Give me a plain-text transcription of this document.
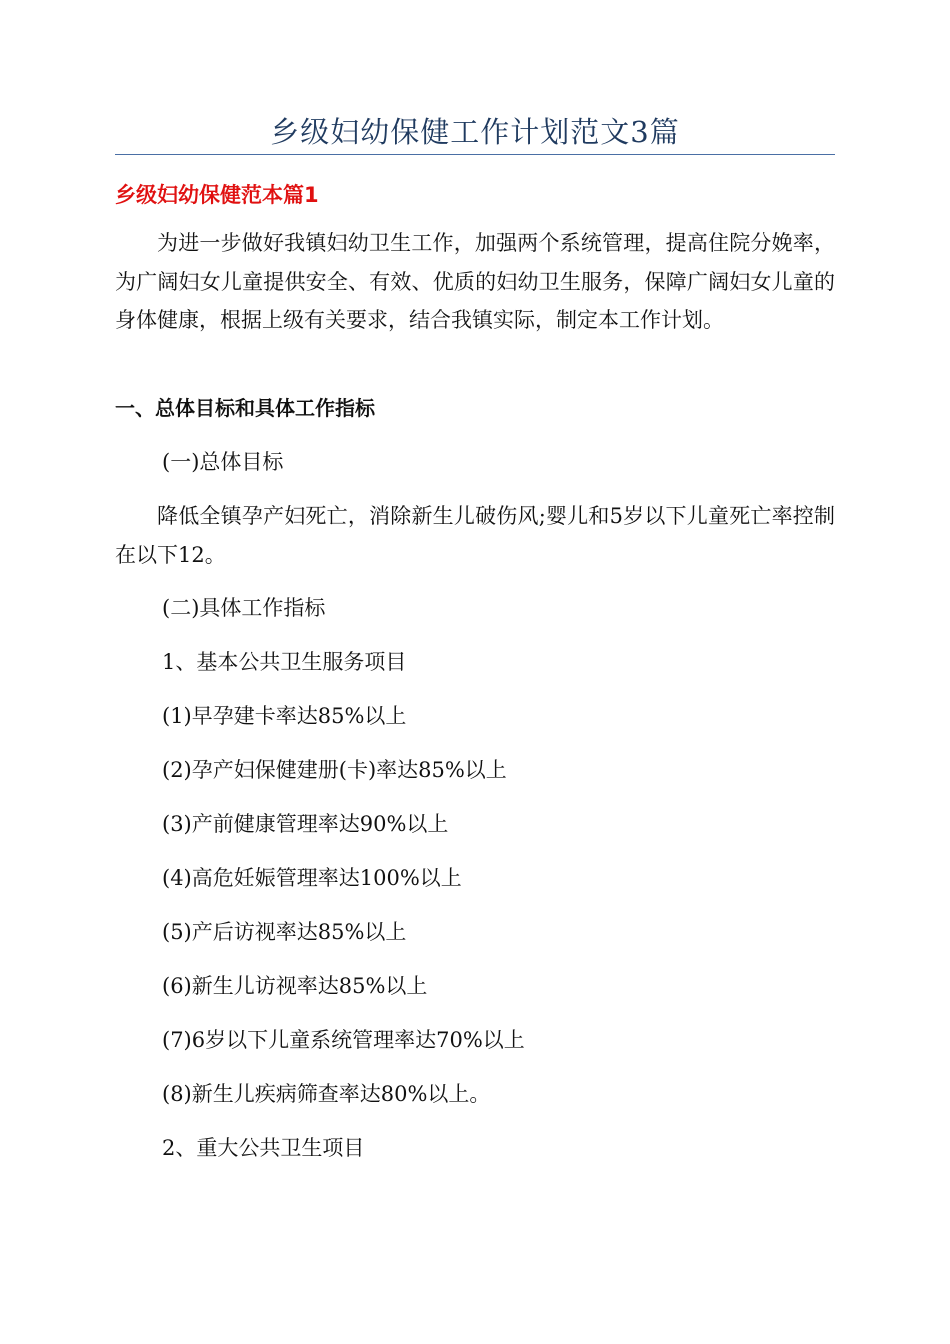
乡级妇幼保健工作计划范文3篇
乡级妇幼保健范本篇1

为进一步做好我镇妇幼卫生工作，加强两个系统管理，提高住院分娩率，为广阔妇女儿童提供安全、有效、优质的妇幼卫生服务，保障广阔妇女儿童的身体健康，根据上级有关要求，结合我镇实际，制定本工作计划。

一、总体目标和具体工作指标
(一)总体目标

降低全镇孕产妇死亡，消除新生儿破伤风;婴儿和5岁以下儿童死亡率控制在以下12。

(二)具体工作指标
1、基本公共卫生服务项目
(1)早孕建卡率达85%以上
(2)孕产妇保健建册(卡)率达85%以上
(3)产前健康管理率达90%以上
(4)高危妊娠管理率达100%以上
(5)产后访视率达85%以上
(6)新生儿访视率达85%以上
(7)6岁以下儿童系统管理率达70%以上
(8)新生儿疾病筛查率达80%以上。
2、重大公共卫生项目
